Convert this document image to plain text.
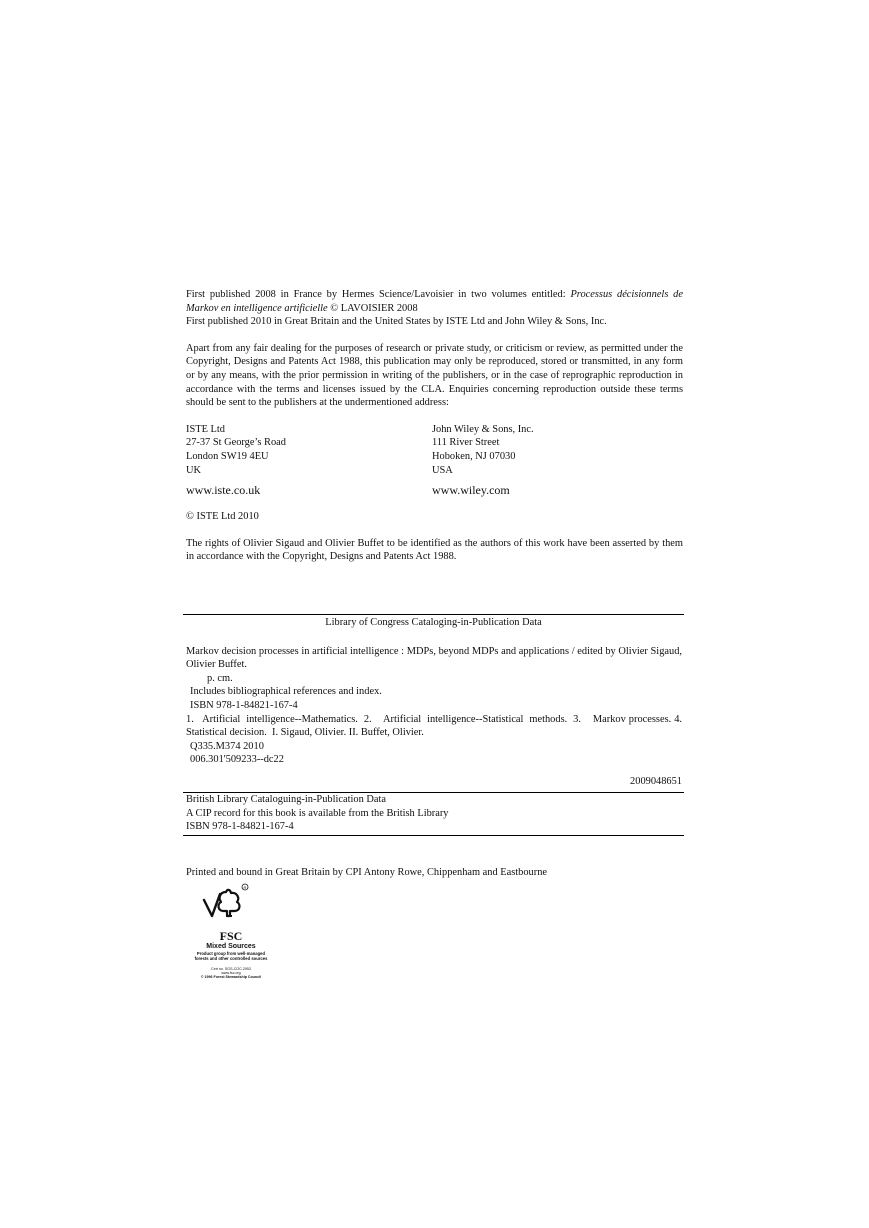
First published 2008 in France by Hermes Science/Lavoisier in two volumes entitled: Processus décisionnels de Markov en intelligence artificielle © LAVOISIER 2008

First published 2010 in Great Britain and the United States by ISTE Ltd and John Wiley & Sons, Inc.

Apart from any fair dealing for the purposes of research or private study, or criticism or review, as permitted under the Copyright, Designs and Patents Act 1988, this publication may only be reproduced, stored or transmitted, in any form or by any means, with the prior permission in writing of the publishers, or in the case of reprographic reproduction in accordance with the terms and licenses issued by the CLA. Enquiries concerning reproduction outside these terms should be sent to the publishers at the undermentioned address:

ISTE Ltd
27-37 St George’s Road
London SW19 4EU
UK
www.iste.co.uk
John Wiley & Sons, Inc.
111 River Street
Hoboken, NJ 07030
USA
www.wiley.com

© ISTE Ltd 2010

The rights of Olivier Sigaud and Olivier Buffet to be identified as the authors of this work have been asserted by them in accordance with the Copyright, Designs and Patents Act 1988.

Library of Congress Cataloging-in-Publication Data

Markov decision processes in artificial intelligence : MDPs, beyond MDPs and applications / edited by Olivier Sigaud, Olivier Buffet.

p. cm.
Includes bibliographical references and index.
ISBN 978-1-84821-167-4

1.   Artificial  intelligence--Mathematics.  2.    Artificial  intelligence--Statistical  methods.  3.    Markov processes. 4.  Statistical decision.  I. Sigaud, Olivier. II. Buffet, Olivier.

Q335.M374 2010
006.301'509233--dc22
2009048651
British Library Cataloguing-in-Publication Data
A CIP record for this book is available from the British Library
ISBN 978-1-84821-167-4
Printed and bound in Great Britain by CPI Antony Rowe, Chippenham and Eastbourne
R
FSC
Mixed Sources
Product group from well-managed
forests and other controlled sources
Cert no. SGS-COC-2953
www.fsc.org
© 1996 Forest Stewardship Council
